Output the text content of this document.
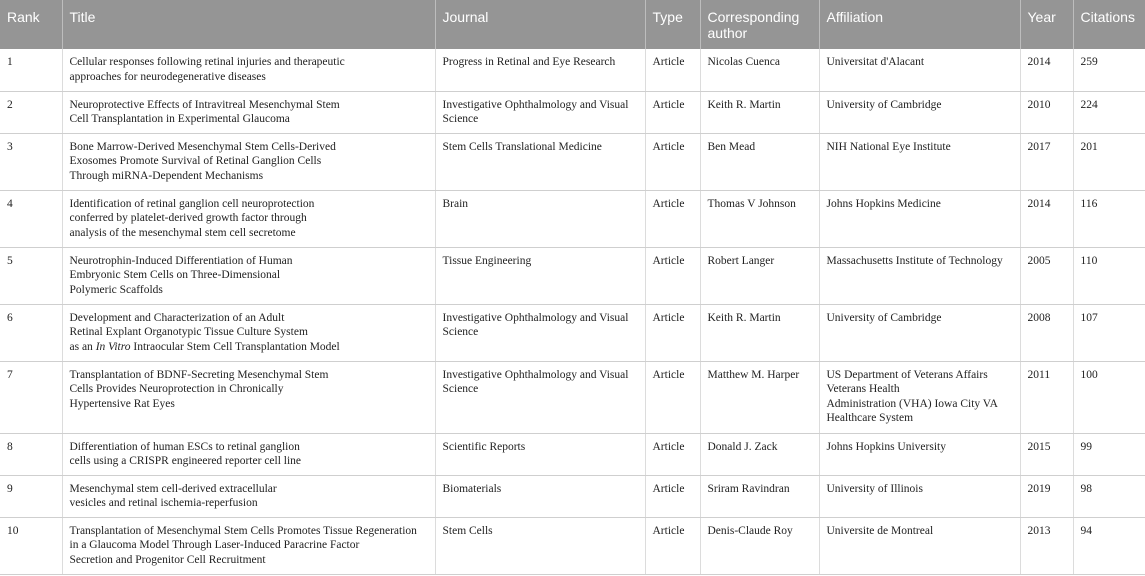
Rank	Title	Journal	Type	Corresponding author	Affiliation	Year	Citations
1	Cellular responses following retinal injuries and therapeutic
approaches for neurodegenerative diseases	Progress in Retinal and Eye Research	Article	Nicolas Cuenca	Universitat d'Alacant	2014	259
2	Neuroprotective Effects of Intravitreal Mesenchymal Stem
Cell Transplantation in Experimental Glaucoma	Investigative Ophthalmology and Visual Science	Article	Keith R. Martin	University of Cambridge	2010	224
3	Bone Marrow-Derived Mesenchymal Stem Cells-Derived
Exosomes Promote Survival of Retinal Ganglion Cells
Through miRNA-Dependent Mechanisms	Stem Cells Translational Medicine	Article	Ben Mead	NIH National Eye Institute	2017	201
4	Identification of retinal ganglion cell neuroprotection
conferred by platelet-derived growth factor through
analysis of the mesenchymal stem cell secretome	Brain	Article	Thomas V Johnson	Johns Hopkins Medicine	2014	116
5	Neurotrophin-Induced Differentiation of Human
Embryonic Stem Cells on Three-Dimensional
Polymeric Scaffolds	Tissue Engineering	Article	Robert Langer	Massachusetts Institute of Technology	2005	110
6	Development and Characterization of an Adult
Retinal Explant Organotypic Tissue Culture System
as an In Vitro Intraocular Stem Cell Transplantation Model	Investigative Ophthalmology and Visual Science	Article	Keith R. Martin	University of Cambridge	2008	107
7	Transplantation of BDNF-Secreting Mesenchymal Stem
Cells Provides Neuroprotection in Chronically
Hypertensive Rat Eyes	Investigative Ophthalmology and Visual Science	Article	Matthew M. Harper	US Department of Veterans Affairs
Veterans Health
Administration (VHA) Iowa City VA
Healthcare System	2011	100
8	Differentiation of human ESCs to retinal ganglion
cells using a CRISPR engineered reporter cell line	Scientific Reports	Article	Donald J. Zack	Johns Hopkins University	2015	99
9	Mesenchymal stem cell-derived extracellular
vesicles and retinal ischemia-reperfusion	Biomaterials	Article	Sriram Ravindran	University of Illinois	2019	98
10	Transplantation of Mesenchymal Stem Cells Promotes Tissue Regeneration
in a Glaucoma Model Through Laser-Induced Paracrine Factor
Secretion and Progenitor Cell Recruitment	Stem Cells	Article	Denis-Claude Roy	Universite de Montreal	2013	94
